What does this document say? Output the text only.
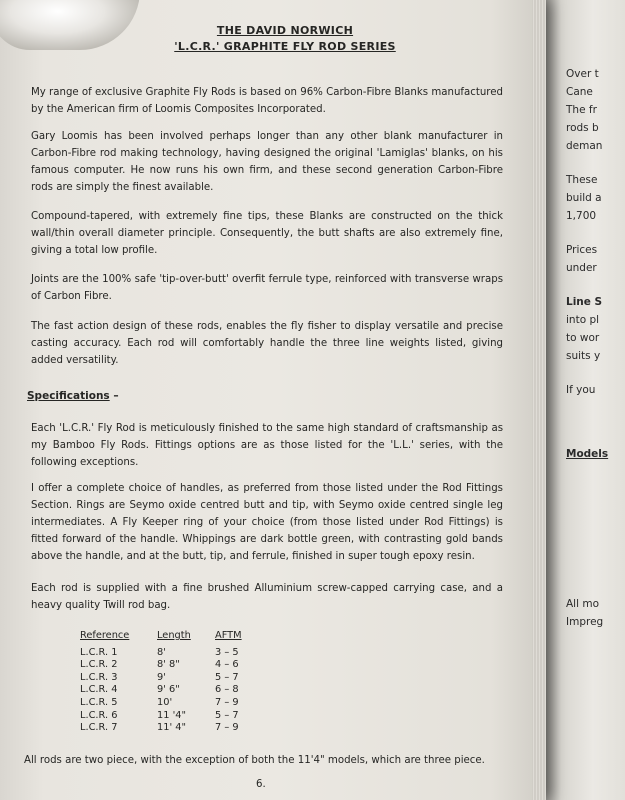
Over t
Cane
The fr
rods b
deman
These
build a
1,700
Prices
under
Line S
into pl
to wor
suits y
If you
Models
All mo
Impreg
THE DAVID NORWICH
'L.C.R.' GRAPHITE FLY ROD SERIES
My range of exclusive Graphite Fly Rods is based on 96% Carbon-Fibre Blanks manufactured by the American firm of Loomis Composites Incorporated.
Gary Loomis has been involved perhaps longer than any other blank manufacturer in Carbon-Fibre rod making technology, having designed the original 'Lamiglas' blanks, on his famous computer. He now runs his own firm, and these second generation Carbon-Fibre rods are simply the finest available.
Compound-tapered, with extremely fine tips, these Blanks are constructed on the thick wall/thin overall diameter principle. Consequently, the butt shafts are also extremely fine, giving a total low profile.
Joints are the 100% safe 'tip-over-butt' overfit ferrule type, reinforced with transverse wraps of Carbon Fibre.
The fast action design of these rods, enables the fly fisher to display versatile and precise casting accuracy. Each rod will comfortably handle the three line weights listed, giving added versatility.
Specifications –
Each 'L.C.R.' Fly Rod is meticulously finished to the same high standard of craftsmanship as my Bamboo Fly Rods. Fittings options are as those listed for the 'L.L.' series, with the following exceptions.
I offer a complete choice of handles, as preferred from those listed under the Rod Fittings Section. Rings are Seymo oxide centred butt and tip, with Seymo oxide centred single leg intermediates. A Fly Keeper ring of your choice (from those listed under Rod Fittings) is fitted forward of the handle. Whippings are dark bottle green, with contrasting gold bands above the handle, and at the butt, tip, and ferrule, finished in super tough epoxy resin.
Each rod is supplied with a fine brushed Alluminium screw-capped carrying case, and a heavy quality Twill rod bag.
Reference	Length	AFTM
L.C.R. 1	8'	3 – 5
L.C.R. 2	8' 8"	4 – 6
L.C.R. 3	9'	5 – 7
L.C.R. 4	9' 6"	6 – 8
L.C.R. 5	10'	7 – 9
L.C.R. 6	11 '4"	5 – 7
L.C.R. 7	11' 4"	7 – 9
All rods are two piece, with the exception of both the 11'4" models, which are three piece.
6.
